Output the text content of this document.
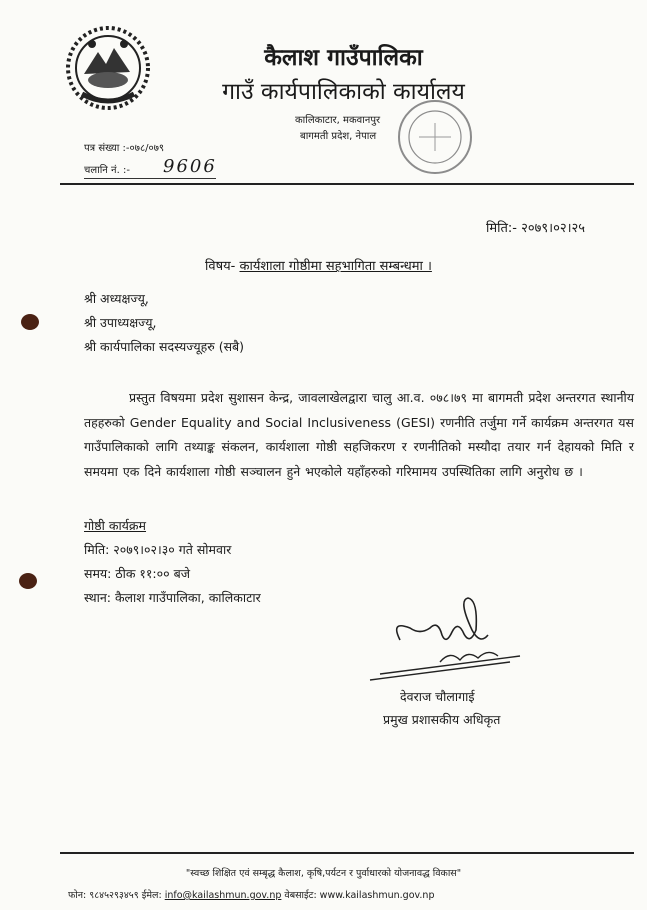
कैलाश गाउँपालिका
गाउँ कार्यपालिकाको कार्यालय
कालिकाटार, मकवानपुर
बागमती प्रदेश, नेपाल
पत्र संख्या :-०७८/०७९
चलानि नं. :- 9606
मिति:- २०७९।०२।२५
विषय- कार्यशाला गोष्ठीमा सहभागिता सम्बन्धमा ।
श्री अध्यक्षज्यू,
श्री उपाध्यक्षज्यू,
श्री कार्यपालिका सदस्यज्यूहरु (सबै)
प्रस्तुत विषयमा प्रदेश सुशासन केन्द्र, जावलाखेलद्वारा चालु आ.व. ०७८।७९ मा बागमती प्रदेश अन्तरगत स्थानीय तहहरुको Gender Equality and Social Inclusiveness (GESI) रणनीति तर्जुमा गर्ने कार्यक्रम अन्तरगत यस गाउँपालिकाको लागि तथ्याङ्क संकलन, कार्यशाला गोष्ठी सहजिकरण र रणनीतिको मस्यौदा तयार गर्न देहायको मिति र समयमा एक दिने कार्यशाला गोष्ठी सञ्चालन हुने भएकोले यहाँहरुको गरिमामय उपस्थितिका लागि अनुरोध छ ।
गोष्ठी कार्यक्रम
मिति: २०७९।०२।३० गते सोमवार
समय: ठीक ११:०० बजे
स्थान: कैलाश गाउँपालिका, कालिकाटार
देवराज चौलागाई
प्रमुख प्रशासकीय अधिकृत
"स्वच्छ शिक्षित एवं सम्बृद्ध कैलाश, कृषि,पर्यटन र पुर्वाधारको योजनावद्ध विकास"
फोन: ९८४५२९३४५९ ईमेल: info@kailashmun.gov.np वेबसाईट: www.kailashmun.gov.np
